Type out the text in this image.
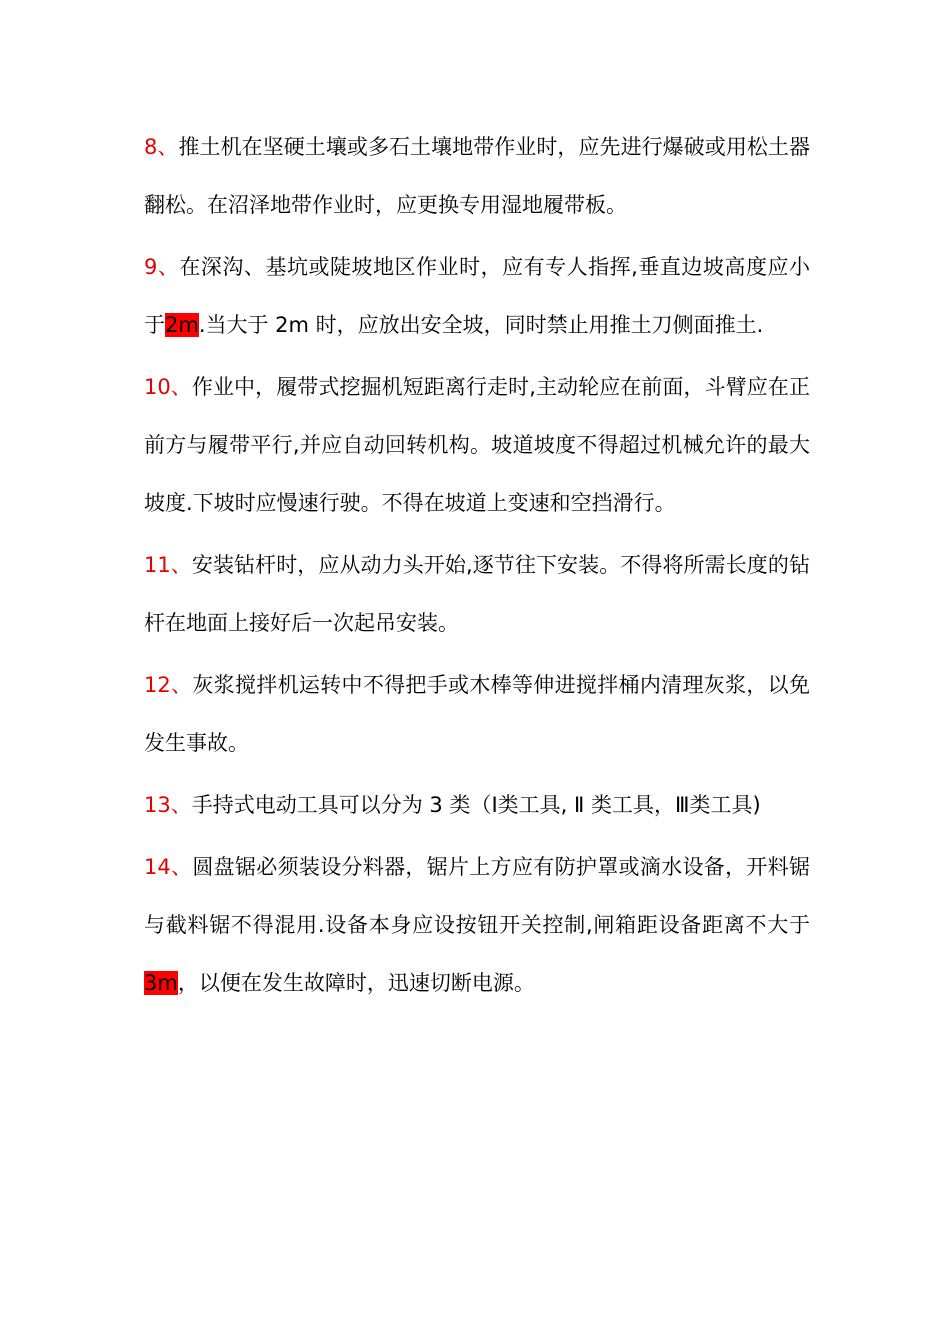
8、推土机在坚硬土壤或多石土壤地带作业时，应先进行爆破或用松土器翻松。在沼泽地带作业时，应更换专用湿地履带板。

9、在深沟、基坑或陡坡地区作业时，应有专人指挥,垂直边坡高度应小于2m.当大于 2m 时，应放出安全坡，同时禁止用推土刀侧面推土.

10、作业中，履带式挖掘机短距离行走时,主动轮应在前面，斗臂应在正前方与履带平行,并应自动回转机构。坡道坡度不得超过机械允许的最大坡度.下坡时应慢速行驶。不得在坡道上变速和空挡滑行。

11、安装钻杆时，应从动力头开始,逐节往下安装。不得将所需长度的钻杆在地面上接好后一次起吊安装。

12、灰浆搅拌机运转中不得把手或木棒等伸进搅拌桶内清理灰浆，以免发生事故。

13、手持式电动工具可以分为 3 类（Ⅰ类工具, Ⅱ 类工具，Ⅲ类工具)

14、圆盘锯必须装设分料器，锯片上方应有防护罩或滴水设备，开料锯与截料锯不得混用.设备本身应设按钮开关控制,闸箱距设备距离不大于3m，以便在发生故障时，迅速切断电源。
